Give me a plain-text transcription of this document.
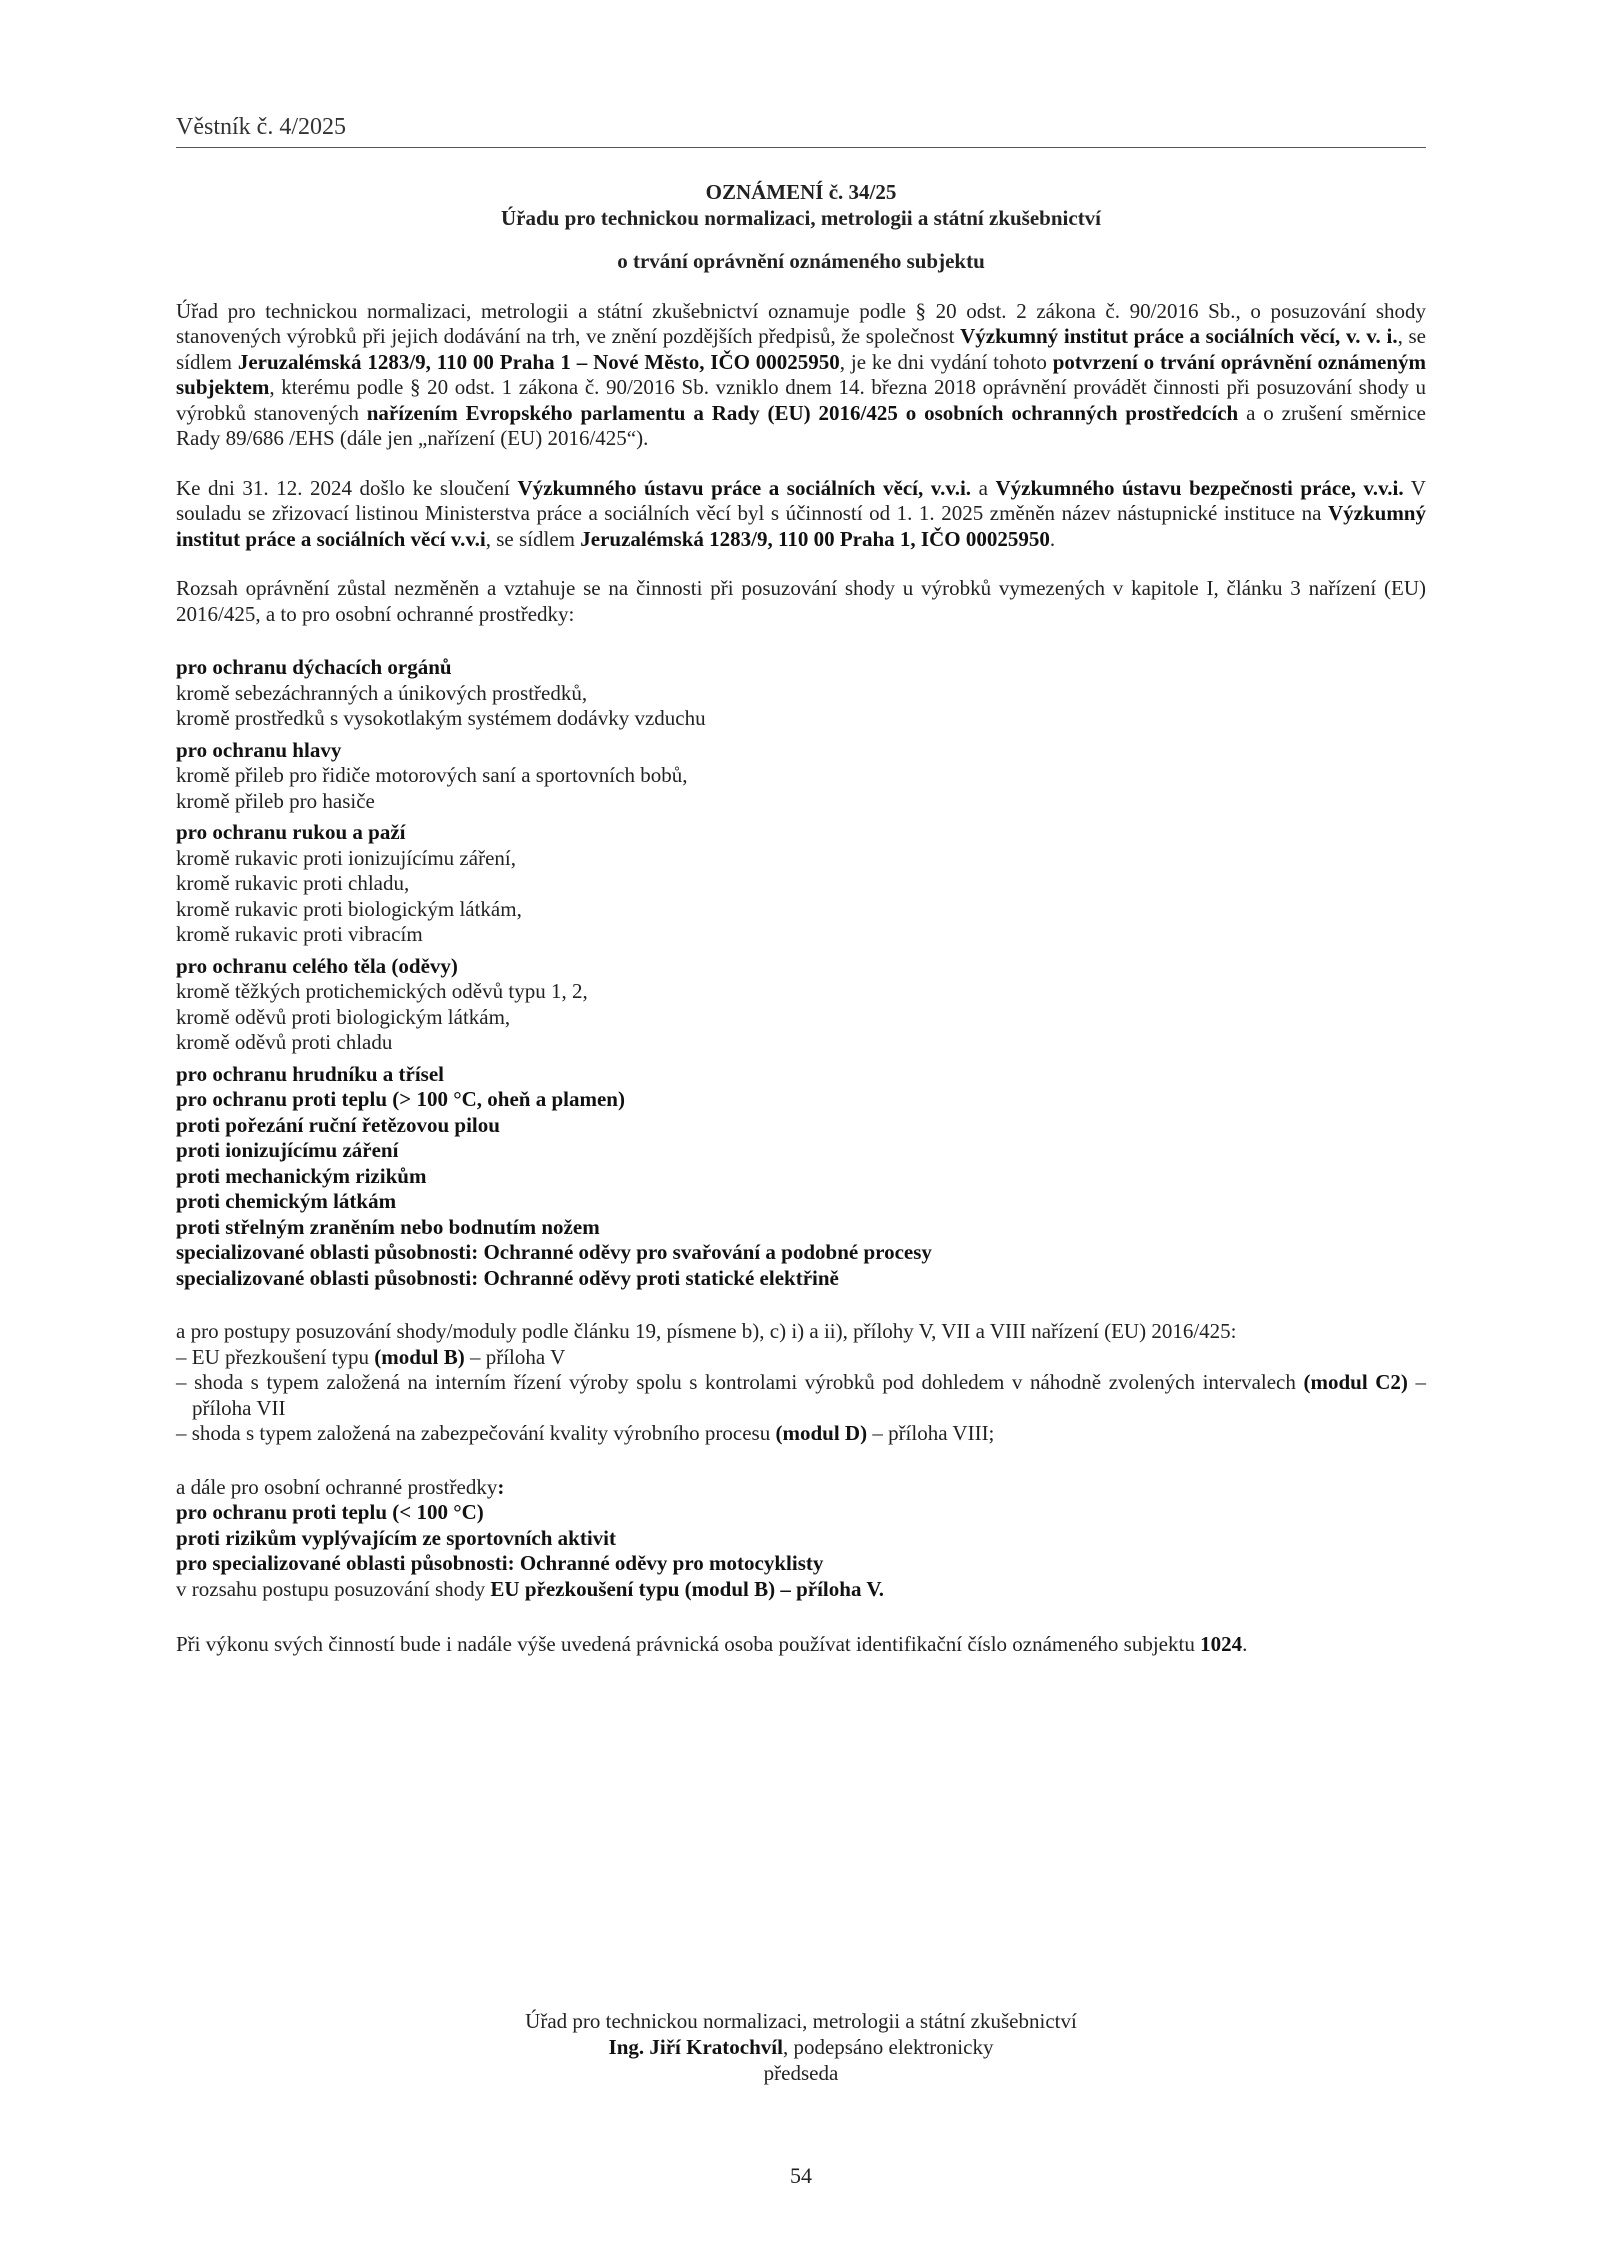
Věstník č. 4/2025

OZNÁMENÍ č. 34/25

Úřadu pro technickou normalizaci, metrologii a státní zkušebnictví

o trvání oprávnění oznámeného subjektu

Úřad pro technickou normalizaci, metrologii a státní zkušebnictví oznamuje podle § 20 odst. 2 zákona č. 90/2016 Sb., o posuzování shody stanovených výrobků při jejich dodávání na trh, ve znění pozdějších předpisů, že společnost Výzkumný institut práce a sociálních věcí, v. v. i., se sídlem Jeruzalémská 1283/9, 110 00 Praha 1 – Nové Město, IČO 00025950, je ke dni vydání tohoto potvrzení o trvání oprávnění oznámeným subjektem, kterému podle § 20 odst. 1 zákona č. 90/2016 Sb. vzniklo dnem 14. března 2018 oprávnění provádět činnosti při posuzování shody u výrobků stanovených nařízením Evropského parlamentu a Rady (EU) 2016/425 o osobních ochranných prostředcích a o zrušení směrnice Rady 89/686 /EHS (dále jen „nařízení (EU) 2016/425“).

Ke dni 31. 12. 2024 došlo ke sloučení Výzkumného ústavu práce a sociálních věcí, v.v.i. a Výzkumného ústavu bezpečnosti práce, v.v.i. V souladu se zřizovací listinou Ministerstva práce a sociálních věcí byl s účinností od 1. 1. 2025 změněn název nástupnické instituce na Výzkumný institut práce a sociálních věcí v.v.i, se sídlem Jeruzalémská 1283/9, 110 00 Praha 1, IČO 00025950.

Rozsah oprávnění zůstal nezměněn a vztahuje se na činnosti při posuzování shody u výrobků vymezených v kapitole I, článku 3 nařízení (EU) 2016/425, a to pro osobní ochranné prostředky:

pro ochranu dýchacích orgánů
kromě sebezáchranných a únikových prostředků,
kromě prostředků s vysokotlakým systémem dodávky vzduchu
pro ochranu hlavy
kromě přileb pro řidiče motorových saní a sportovních bobů,
kromě přileb pro hasiče
pro ochranu rukou a paží
kromě rukavic proti ionizujícímu záření,
kromě rukavic proti chladu,
kromě rukavic proti biologickým látkám,
kromě rukavic proti vibracím
pro ochranu celého těla (oděvy)
kromě těžkých protichemických oděvů typu 1, 2,
kromě oděvů proti biologickým látkám,
kromě oděvů proti chladu
pro ochranu hrudníku a třísel
pro ochranu proti teplu (> 100 °C, oheň a plamen)
proti pořezání ruční řetězovou pilou
proti ionizujícímu záření
proti mechanickým rizikům
proti chemickým látkám
proti střelným zraněním nebo bodnutím nožem
specializované oblasti působnosti: Ochranné oděvy pro svařování a podobné procesy
specializované oblasti působnosti: Ochranné oděvy proti statické elektřině
a pro postupy posuzování shody/moduly podle článku 19, písmene b), c) i) a ii), přílohy V, VII a VIII nařízení (EU) 2016/425:
– EU přezkoušení typu (modul B) – příloha V
– shoda s typem založená na interním řízení výroby spolu s kontrolami výrobků pod dohledem v náhodně zvolených intervalech (modul C2) – příloha VII
– shoda s typem založená na zabezpečování kvality výrobního procesu (modul D) – příloha VIII;
a dále pro osobní ochranné prostředky:
pro ochranu proti teplu (< 100 °C)
proti rizikům vyplývajícím ze sportovních aktivit
pro specializované oblasti působnosti: Ochranné oděvy pro motocyklisty
v rozsahu postupu posuzování shody EU přezkoušení typu (modul B) – příloha V.

Při výkonu svých činností bude i nadále výše uvedená právnická osoba používat identifikační číslo oznámeného subjektu 1024.

Úřad pro technickou normalizaci, metrologii a státní zkušebnictví
Ing. Jiří Kratochvíl, podepsáno elektronicky
předseda
54
